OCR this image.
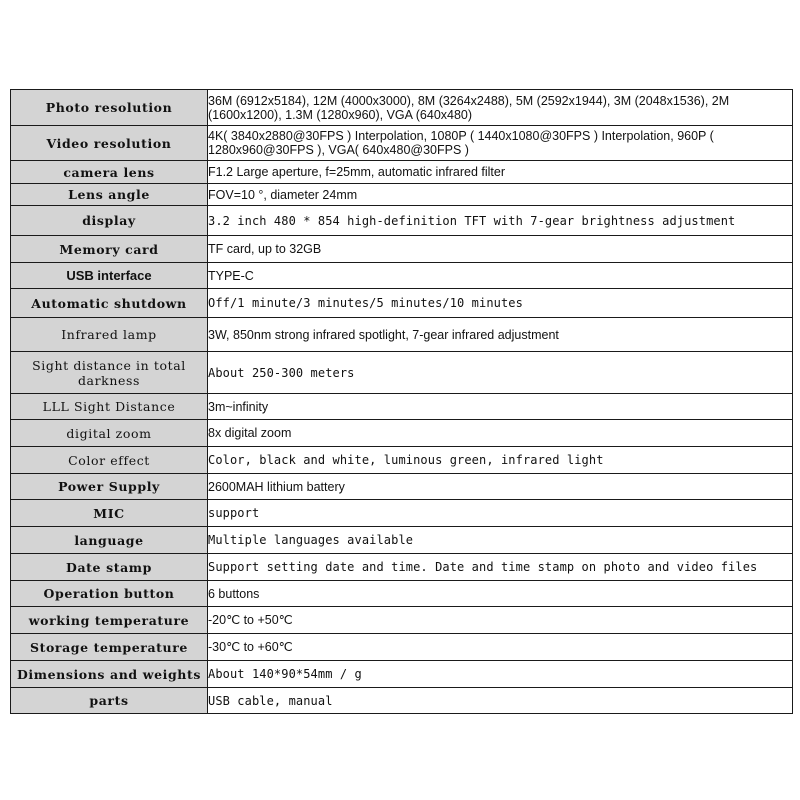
Photo resolution	36M (6912x5184), 12M (4000x3000), 8M (3264x2488), 5M (2592x1944), 3M (2048x1536), 2M (1600x1200), 1.3M (1280x960), VGA (640x480)
Video resolution	4K( 3840x2880@30FPS ) Interpolation, 1080P ( 1440x1080@30FPS ) Interpolation, 960P ( 1280x960@30FPS ), VGA( 640x480@30FPS )
camera lens	F1.2 Large aperture, f=25mm, automatic infrared filter
Lens angle	FOV=10 °, diameter 24mm
display	3.2 inch 480 * 854 high-definition TFT with 7-gear brightness adjustment
Memory card	TF card, up to 32GB
USB interface	TYPE-C
Automatic shutdown	Off/1 minute/3 minutes/5 minutes/10 minutes
Infrared lamp	3W, 850nm strong infrared spotlight, 7-gear infrared adjustment
Sight distance in total darkness	About 250-300 meters
LLL Sight Distance	3m~infinity
digital zoom	8x digital zoom
Color effect	Color, black and white, luminous green, infrared light
Power Supply	2600MAH lithium battery
MIC	support
language	Multiple languages available
Date stamp	Support setting date and time. Date and time stamp on photo and video files
Operation button	6 buttons
working temperature	-20℃ to +50℃
Storage temperature	-30℃ to +60℃
Dimensions and weights	About 140*90*54mm / g
parts	USB cable, manual
